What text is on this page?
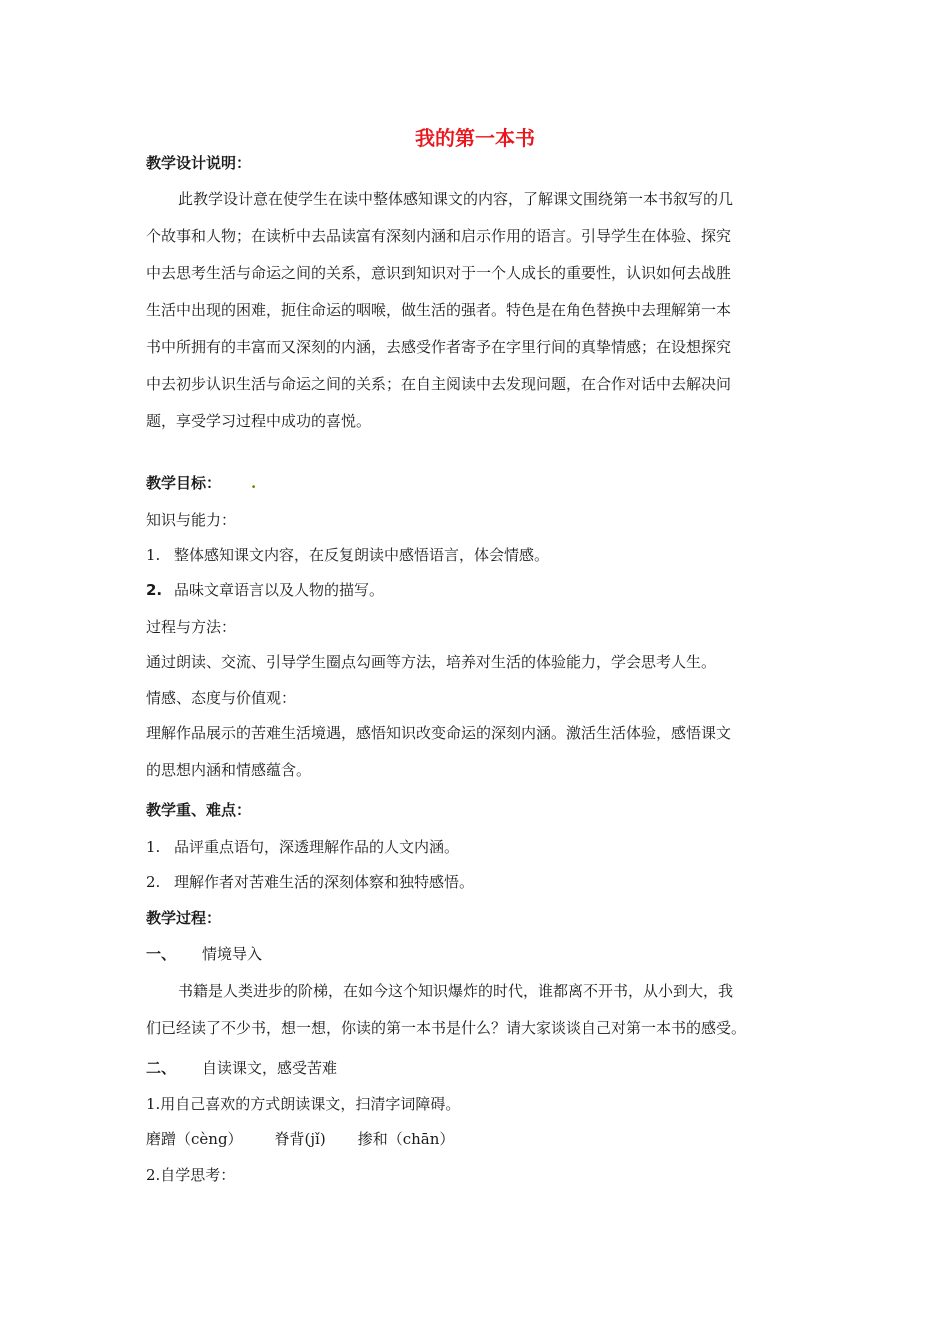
我的第一本书
教学设计说明：
此教学设计意在使学生在读中整体感知课文的内容，了解课文围绕第一本书叙写的几
个故事和人物；在读析中去品读富有深刻内涵和启示作用的语言。引导学生在体验、探究
中去思考生活与命运之间的关系，意识到知识对于一个人成长的重要性，认识如何去战胜
生活中出现的困难，扼住命运的咽喉，做生活的强者。特色是在角色替换中去理解第一本
书中所拥有的丰富而又深刻的内涵，去感受作者寄予在字里行间的真挚情感；在设想探究
中去初步认识生活与命运之间的关系；在自主阅读中去发现问题，在合作对话中去解决问
题，享受学习过程中成功的喜悦。
教学目标： .
知识与能力：
1. 整体感知课文内容，在反复朗读中感悟语言，体会情感。
2. 品味文章语言以及人物的描写。
过程与方法：
通过朗读、交流、引导学生圈点勾画等方法，培养对生活的体验能力，学会思考人生。
情感、态度与价值观：
理解作品展示的苦难生活境遇，感悟知识改变命运的深刻内涵。激活生活体验，感悟课文
的思想内涵和情感蕴含。
教学重、难点：
1. 品评重点语句，深透理解作品的人文内涵。
2. 理解作者对苦难生活的深刻体察和独特感悟。
教学过程：
一、 情境导入
书籍是人类进步的阶梯，在如今这个知识爆炸的时代，谁都离不开书，从小到大，我
们已经读了不少书，想一想，你读的第一本书是什么？请大家谈谈自己对第一本书的感受。
二、 自读课文，感受苦难
1.用自己喜欢的方式朗读课文，扫清字词障碍。
磨蹭（cèng） 脊背(jǐ) 掺和（chān）
2.自学思考：
